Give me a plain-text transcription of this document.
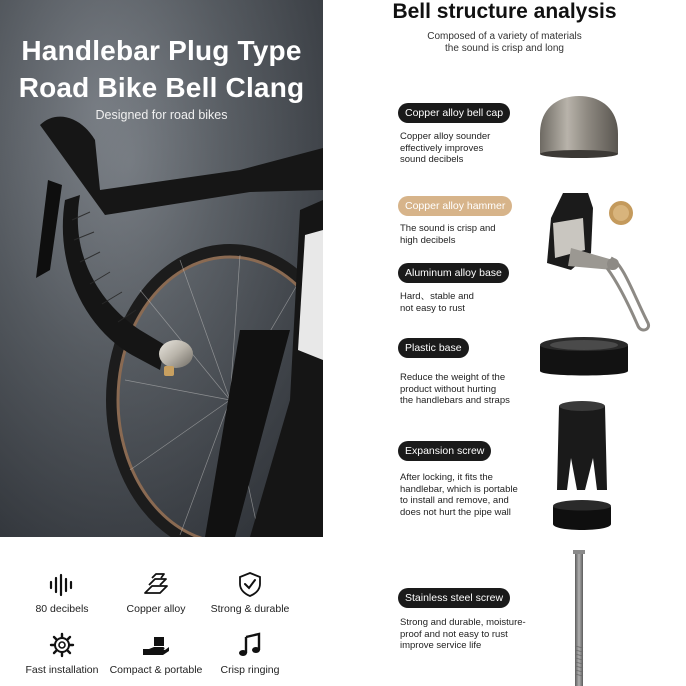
Handlebar Plug Type
Road Bike Bell Clang
Designed for road bikes
80 decibels	Copper alloy	Strong & durable
Fast installation	Compact & portable	Crisp ringing
Bell structure analysis
Composed of a variety of materials
the sound is crisp and long
Copper alloy bell cap
Copper alloy sounder
effectively improves
sound decibels
Copper alloy hammer
The sound is crisp and
high decibels
Aluminum alloy base
Hard、stable and
not easy to rust
Plastic base
Reduce the weight of the
product without hurting
the handlebars and straps
Expansion screw
After locking, it fits the
handlebar, which is portable
to install and remove, and
does not hurt the pipe wall
Stainless steel screw
Strong and durable, moisture-
proof and not easy to rust
improve service life
